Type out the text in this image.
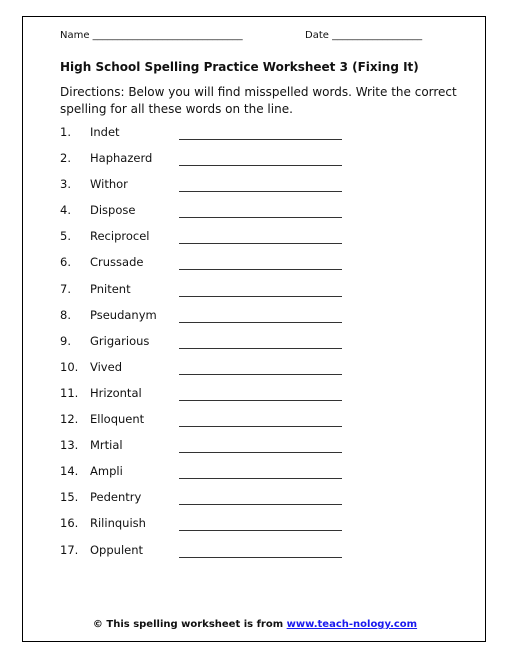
Name ______________________________	Date __________________
High School Spelling Practice Worksheet 3 (Fixing It)
Directions: Below you will find misspelled words. Write the correct spelling for all these words on the line.
1. Indet
2. Haphazerd
3. Withor
4. Dispose
5. Reciprocel
6. Crussade
7. Pnitent
8. Pseudanym
9. Grigarious
10. Vived
11. Hrizontal
12. Elloquent
13. Mrtial
14. Ampli
15. Pedentry
16. Rilinquish
17. Oppulent
© This spelling worksheet is from www.teach-nology.com
